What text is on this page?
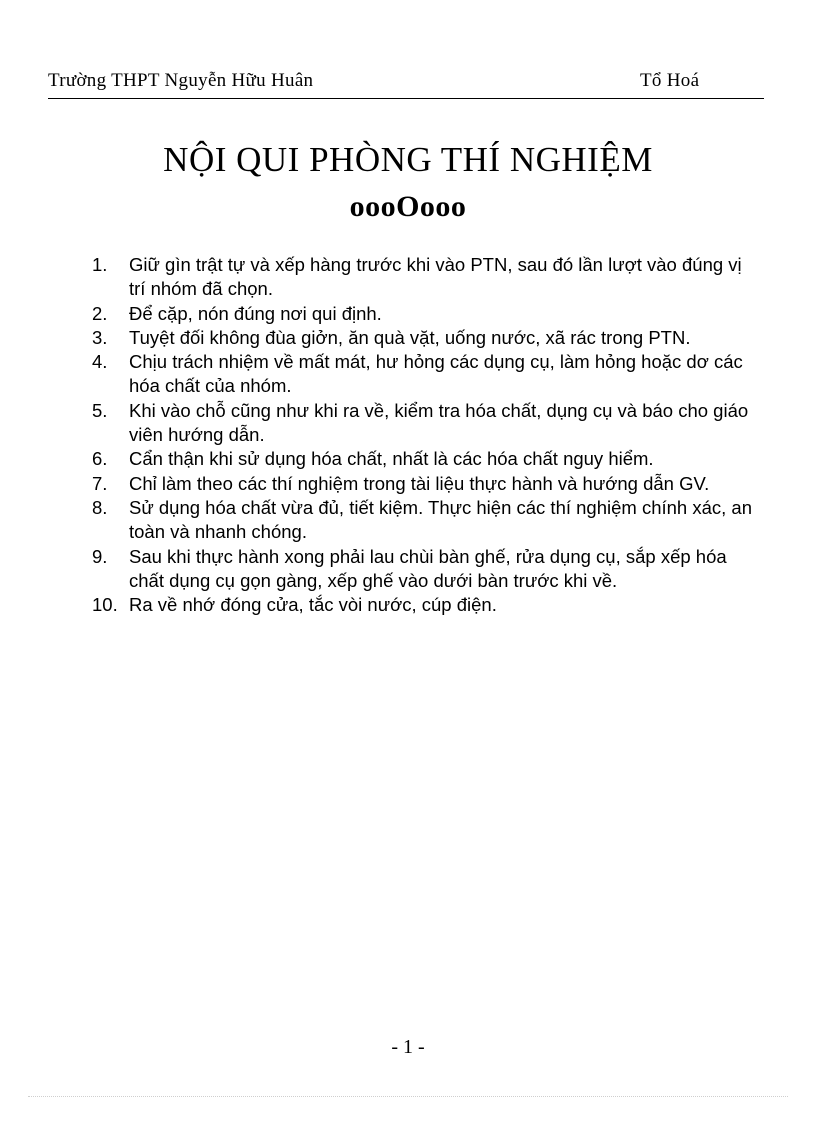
Trường THPT Nguyễn Hữu Huân	Tổ Hoá
NỘI QUI PHÒNG THÍ NGHIỆM
oooOooo
1. Giữ gìn trật tự và xếp hàng trước khi vào PTN, sau đó lần lượt vào đúng vị trí nhóm đã chọn.
2. Để cặp, nón đúng nơi qui định.
3. Tuyệt đối không đùa giởn, ăn quà vặt, uống nước, xã rác trong PTN.
4. Chịu trách nhiệm về mất mát, hư hỏng các dụng cụ, làm hỏng hoặc dơ các hóa chất của nhóm.
5. Khi vào chỗ cũng như khi ra về, kiểm tra hóa chất, dụng cụ và báo cho giáo viên hướng dẫn.
6. Cẩn thận khi sử dụng hóa chất, nhất là các hóa chất nguy hiểm.
7. Chỉ làm theo các thí nghiệm trong tài liệu thực hành và hướng dẫn GV.
8. Sử dụng hóa chất vừa đủ, tiết kiệm. Thực hiện các thí nghiệm chính xác, an toàn và nhanh chóng.
9. Sau khi thực hành xong phải lau chùi bàn ghế, rửa dụng cụ, sắp xếp hóa chất dụng cụ gọn gàng, xếp ghế vào dưới bàn trước khi về.
10. Ra về nhớ đóng cửa, tắc vòi nước, cúp điện.
- 1 -
